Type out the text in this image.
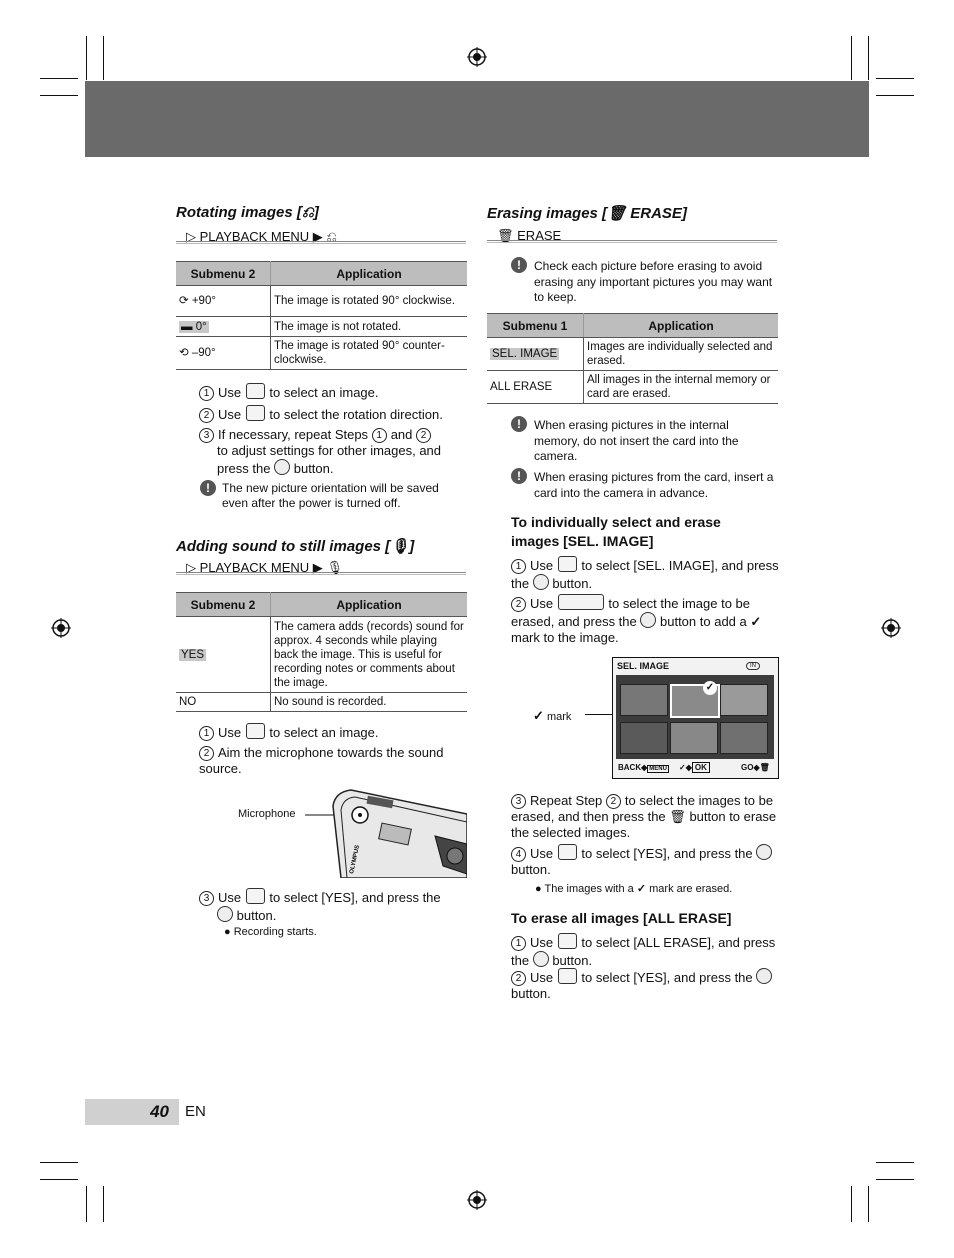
Rotating images [⎌]
▷ PLAYBACK MENU ▶ ⎌
Submenu 2	Application
⟳ +90°	The image is rotated 90° clockwise.
▬ 0°	The image is not rotated.
⟲ –90°	The image is rotated 90° counter-clockwise.
1 Use to select an image.
2 Use to select the rotation direction.
3 If necessary, repeat Steps 1 and 2
to adjust settings for other images, and press the button.
!	The new picture orientation will be saved even after the power is turned off.
Adding sound to still images [🎙]
▷ PLAYBACK MENU ▶ 🎙
Submenu 2	Application
YES	The camera adds (records) sound for approx. 4 seconds while playing back the image. This is useful for recording notes or comments about the image.
NO	No sound is recorded.
1 Use to select an image.
2 Aim the microphone towards the sound source.
Microphone
OLYMPUS
3 Use to select [YES], and press the
button.
● Recording starts.
Erasing images [🗑 ERASE]
🗑 ERASE
!	Check each picture before erasing to avoid erasing any important pictures you may want to keep.
Submenu 1	Application
SEL. IMAGE	Images are individually selected and erased.
ALL ERASE	All images in the internal memory or card are erased.
!	When erasing pictures in the internal memory, do not insert the card into the camera.
!	When erasing pictures from the card, insert a card into the camera in advance.
To individually select and erase images [SEL. IMAGE]
1 Use to select [SEL. IMAGE], and press the button.
2 Use	to select the image to be erased, and press the button to add a ✓ mark to the image.
✓ mark
SEL. IMAGE	IN
✓
BACK◆ MENU ✓◆ OK	GO◆🗑
3 Repeat Step 2 to select the images to be erased, and then press the 🗑 button to erase the selected images.
4 Use to select [YES], and press the  button.
● The images with a ✓ mark are erased.
To erase all images [ALL ERASE]
1 Use to select [ALL ERASE], and press the button.
2 Use to select [YES], and press the  button.
40 EN
